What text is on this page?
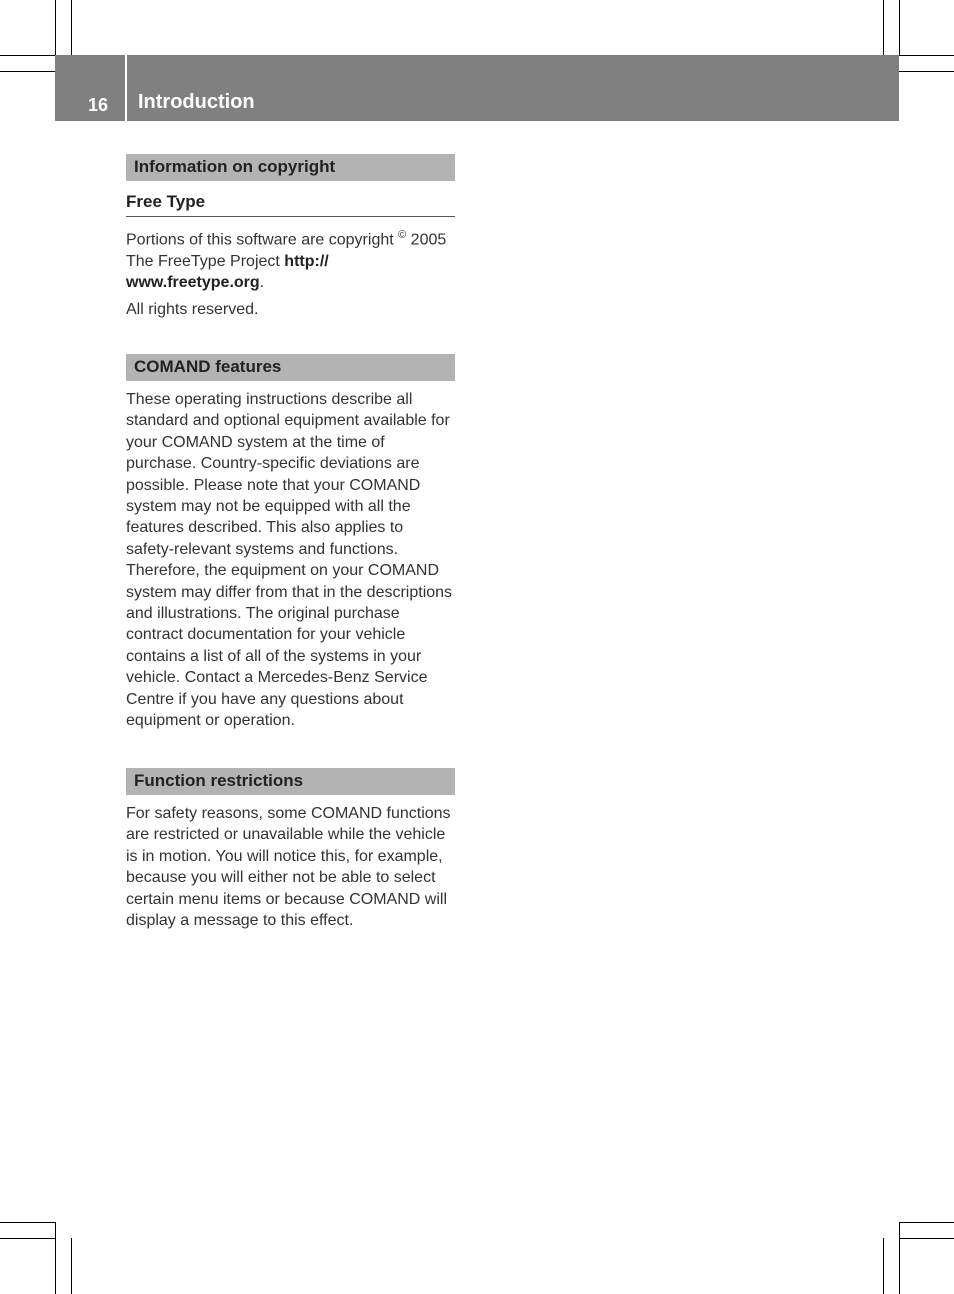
16 Introduction
Information on copyright
Free Type

Portions of this software are copyright © 2005 The FreeType Project http:// www.freetype.org.

All rights reserved.

COMAND features

These operating instructions describe all standard and optional equipment available for your COMAND system at the time of purchase. Country-specific deviations are possible. Please note that your COMAND system may not be equipped with all the features described. This also applies to safety-relevant systems and functions. Therefore, the equipment on your COMAND system may differ from that in the descriptions and illustrations. The original purchase contract documentation for your vehicle contains a list of all of the systems in your vehicle. Contact a Mercedes-Benz Service Centre if you have any questions about equipment or operation.

Function restrictions

For safety reasons, some COMAND functions are restricted or unavailable while the vehicle is in motion. You will notice this, for example, because you will either not be able to select certain menu items or because COMAND will display a message to this effect.
